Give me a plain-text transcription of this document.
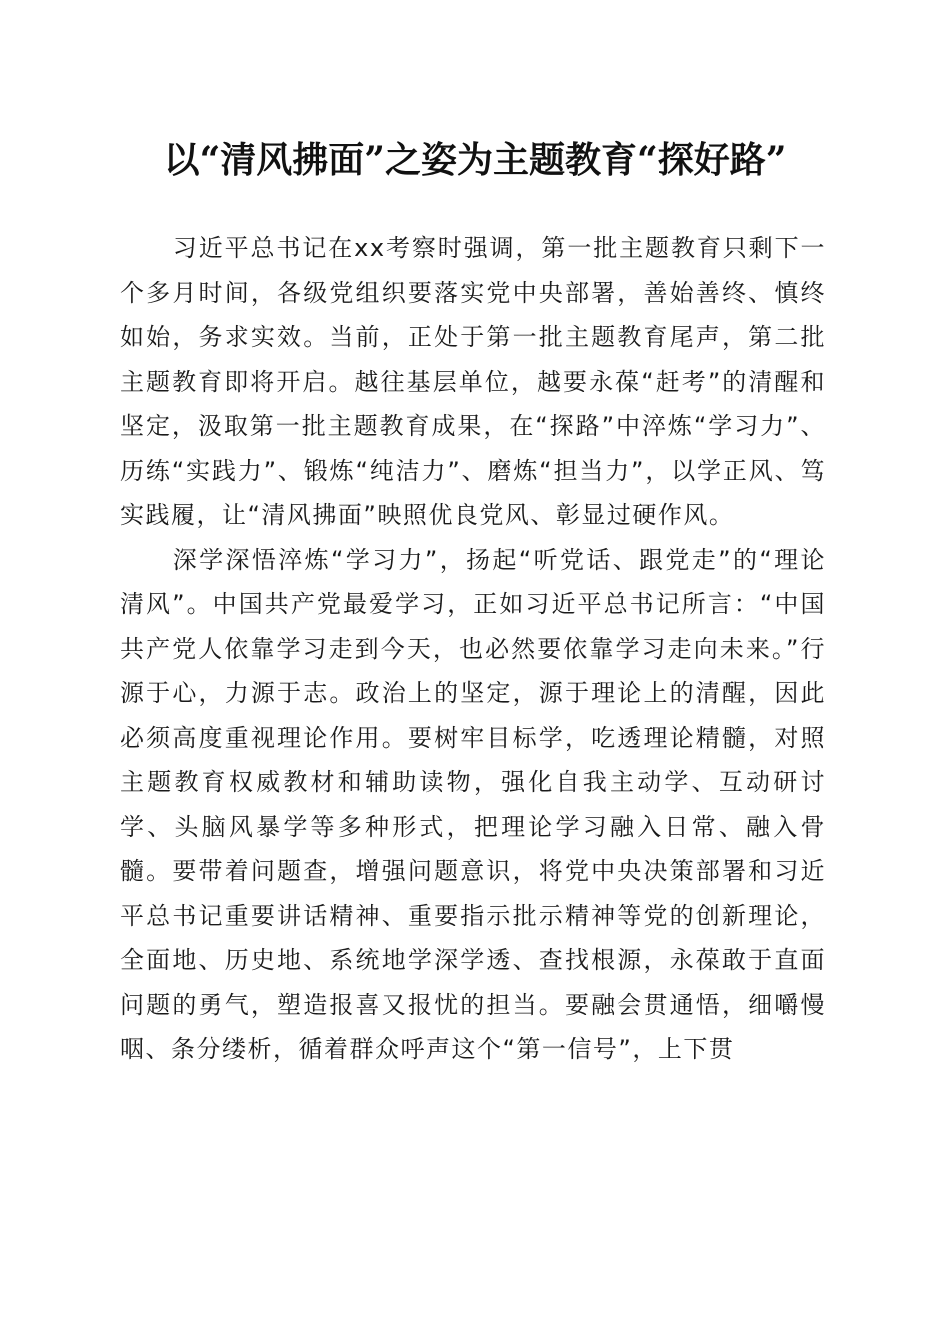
以“清风拂面”之姿为主题教育“探好路”

习近平总书记在xx考察时强调，第一批主题教育只剩下一个多月时间，各级党组织要落实党中央部署，善始善终、慎终如始，务求实效。当前，正处于第一批主题教育尾声，第二批主题教育即将开启。越往基层单位，越要永葆“赶考”的清醒和坚定，汲取第一批主题教育成果，在“探路”中淬炼“学习力”、历练“实践力”、锻炼“纯洁力”、磨炼“担当力”，以学正风、笃实践履，让“清风拂面”映照优良党风、彰显过硬作风。

深学深悟淬炼“学习力”，扬起“听党话、跟党走”的“理论清风”。中国共产党最爱学习，正如习近平总书记所言：“中国共产党人依靠学习走到今天，也必然要依靠学习走向未来。”行源于心，力源于志。政治上的坚定，源于理论上的清醒，因此必须高度重视理论作用。要树牢目标学，吃透理论精髓，对照主题教育权威教材和辅助读物，强化自我主动学、互动研讨学、头脑风暴学等多种形式，把理论学习融入日常、融入骨髓。要带着问题查，增强问题意识，将党中央决策部署和习近平总书记重要讲话精神、重要指示批示精神等党的创新理论，全面地、历史地、系统地学深学透、查找根源，永葆敢于直面问题的勇气，塑造报喜又报忧的担当。要融会贯通悟，细嚼慢咽、条分缕析，循着群众呼声这个“第一信号”，上下贯
